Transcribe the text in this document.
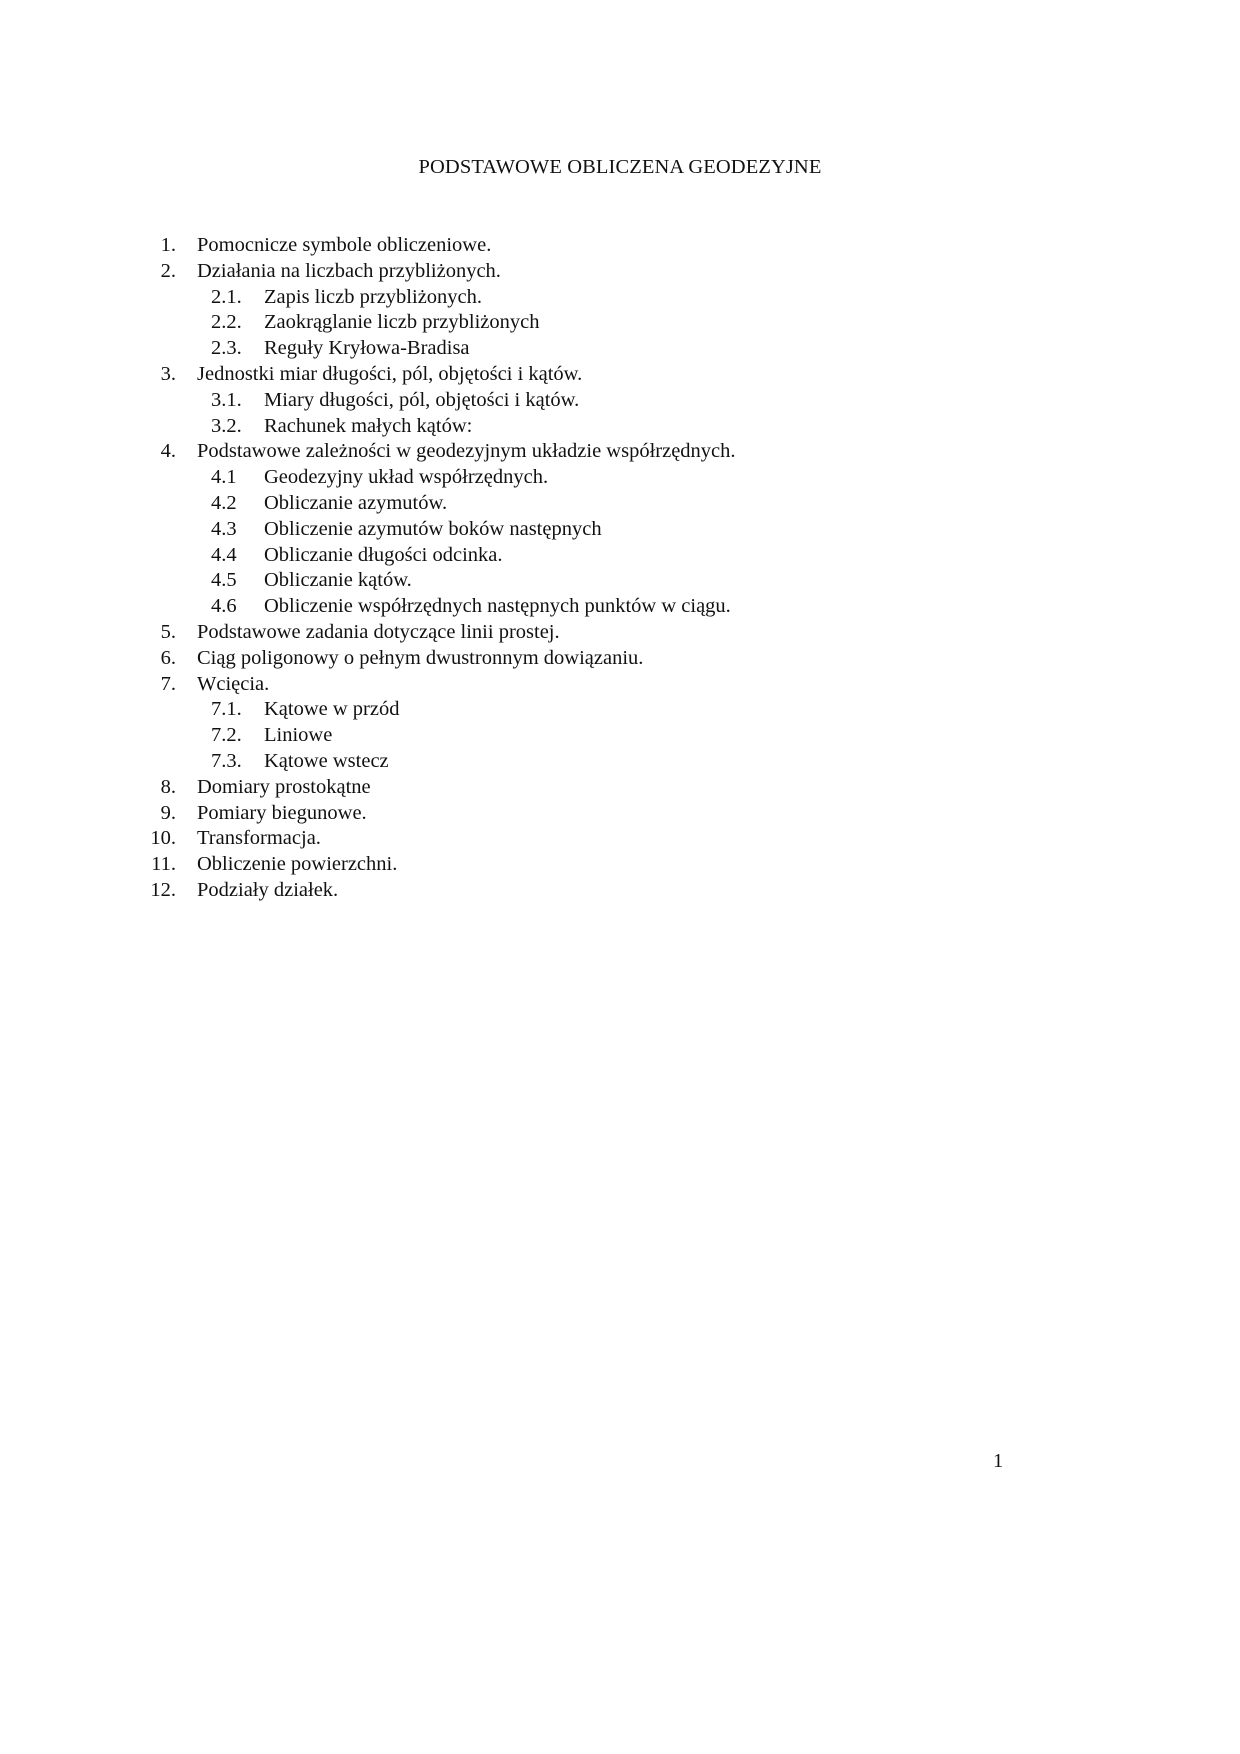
PODSTAWOWE OBLICZENA GEODEZYJNE
1. Pomocnicze symbole obliczeniowe.
2. Działania na liczbach przybliżonych.
2.1. Zapis liczb przybliżonych.
2.2. Zaokrąglanie liczb przybliżonych
2.3. Reguły Kryłowa-Bradisa
3. Jednostki miar długości, pól, objętości i kątów.
3.1. Miary długości, pól, objętości i kątów.
3.2. Rachunek małych kątów:
4. Podstawowe zależności w geodezyjnym układzie współrzędnych.
4.1 Geodezyjny układ współrzędnych.
4.2 Obliczanie azymutów.
4.3 Obliczenie azymutów boków następnych
4.4 Obliczanie długości odcinka.
4.5 Obliczanie kątów.
4.6 Obliczenie współrzędnych następnych punktów w ciągu.
5. Podstawowe zadania dotyczące linii prostej.
6. Ciąg poligonowy o pełnym dwustronnym dowiązaniu.
7. Wcięcia.
7.1. Kątowe w przód
7.2. Liniowe
7.3. Kątowe wstecz
8. Domiary prostokątne
9. Pomiary biegunowe.
10. Transformacja.
11. Obliczenie powierzchni.
12. Podziały działek.
1
